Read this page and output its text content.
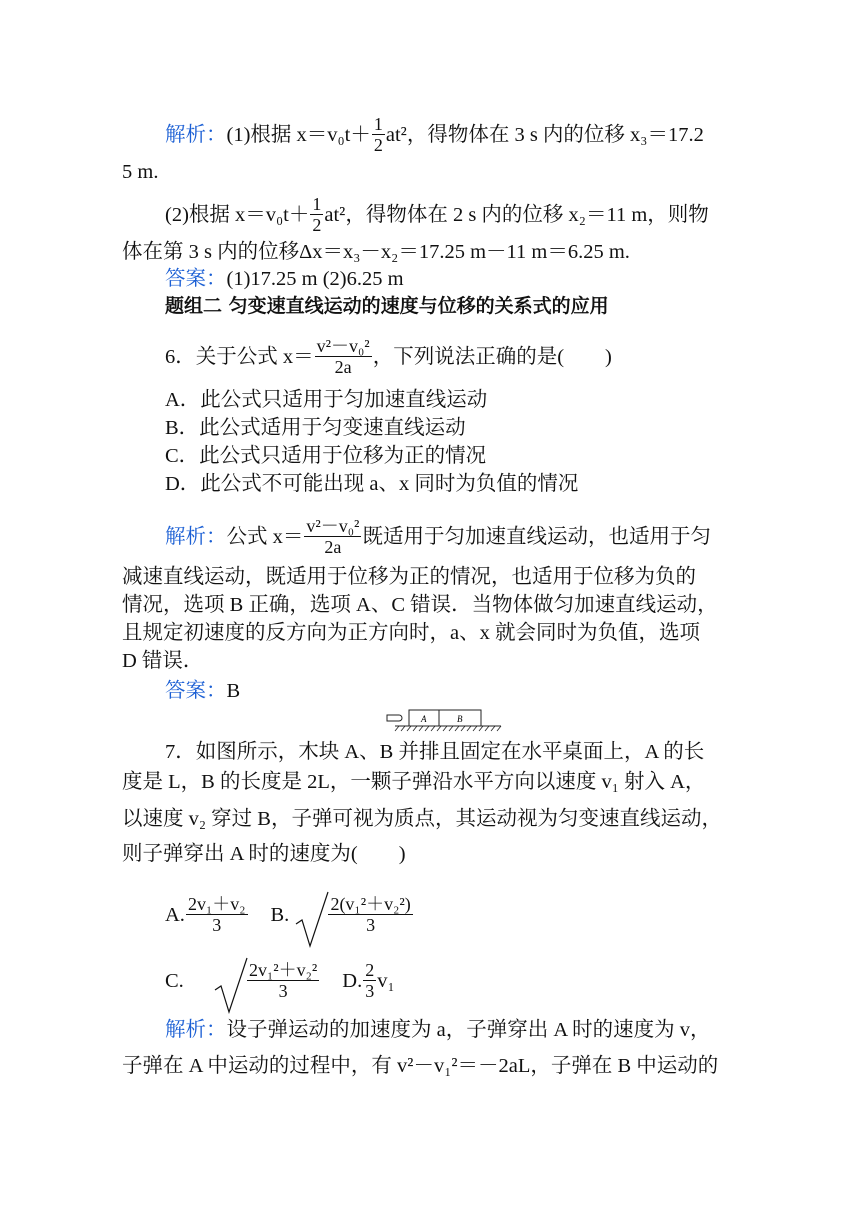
解析：(1)根据 $x=v_0t+ \frac{1}{2} at^2$，得物体在 3 s 内的位移 x₃＝17.2
5 m.
(2)根据 $x=v_0t+ \frac{1}{2} at^2$，得物体在 2 s 内的位移 x₂＝11 m，则物
体在第 3 s 内的位移Δx＝x₃－x₂＝17.25 m－11 m＝6.25 m.
答案：(1)17.25 m (2)6.25 m
题组二 匀变速直线运动的速度与位移的关系式的应用
6．关于公式 $x= \frac{\text{v²－v₀²}}{2a}$ ，下列说法正确的是(　　)
A．此公式只适用于匀加速直线运动
B．此公式适用于匀变速直线运动
C．此公式只适用于位移为正的情况
D．此公式不可能出现 a、x 同时为负值的情况
解析：公式 $x= \frac{\text{v²－v₀²}}{2a}$ 既适用于匀加速直线运动，也适用于匀
减速直线运动，既适用于位移为正的情况，也适用于位移为负的
情况，选项 B 正确，选项 A、C 错误．当物体做匀加速直线运动，
且规定初速度的反方向为正方向时，a、x 就会同时为负值，选项
D 错误．
答案：B
A	B
7．如图所示，木块 A、B 并排且固定在水平桌面上，A 的长
度是 L，B 的长度是 2L，一颗子弹沿水平方向以速度 v₁ 射入 A，
以速度 v₂ 穿过 B，子弹可视为质点，其运动视为匀变速直线运动，
则子弹穿出 A 时的速度为(　　)
A. $\frac{\text{2v₁＋v₂}}{3} B$. $\frac{\text{2(v₁²＋v₂²)}}{3}$
C.	$\frac{\text{2v₁²＋v₂²}}{3} D$. $\frac{2}{3} v_1$
解析：设子弹运动的加速度为 a，子弹穿出 A 时的速度为 v，
子弹在 A 中运动的过程中，有 v²－v₁²＝－2aL，子弹在 B 中运动的
